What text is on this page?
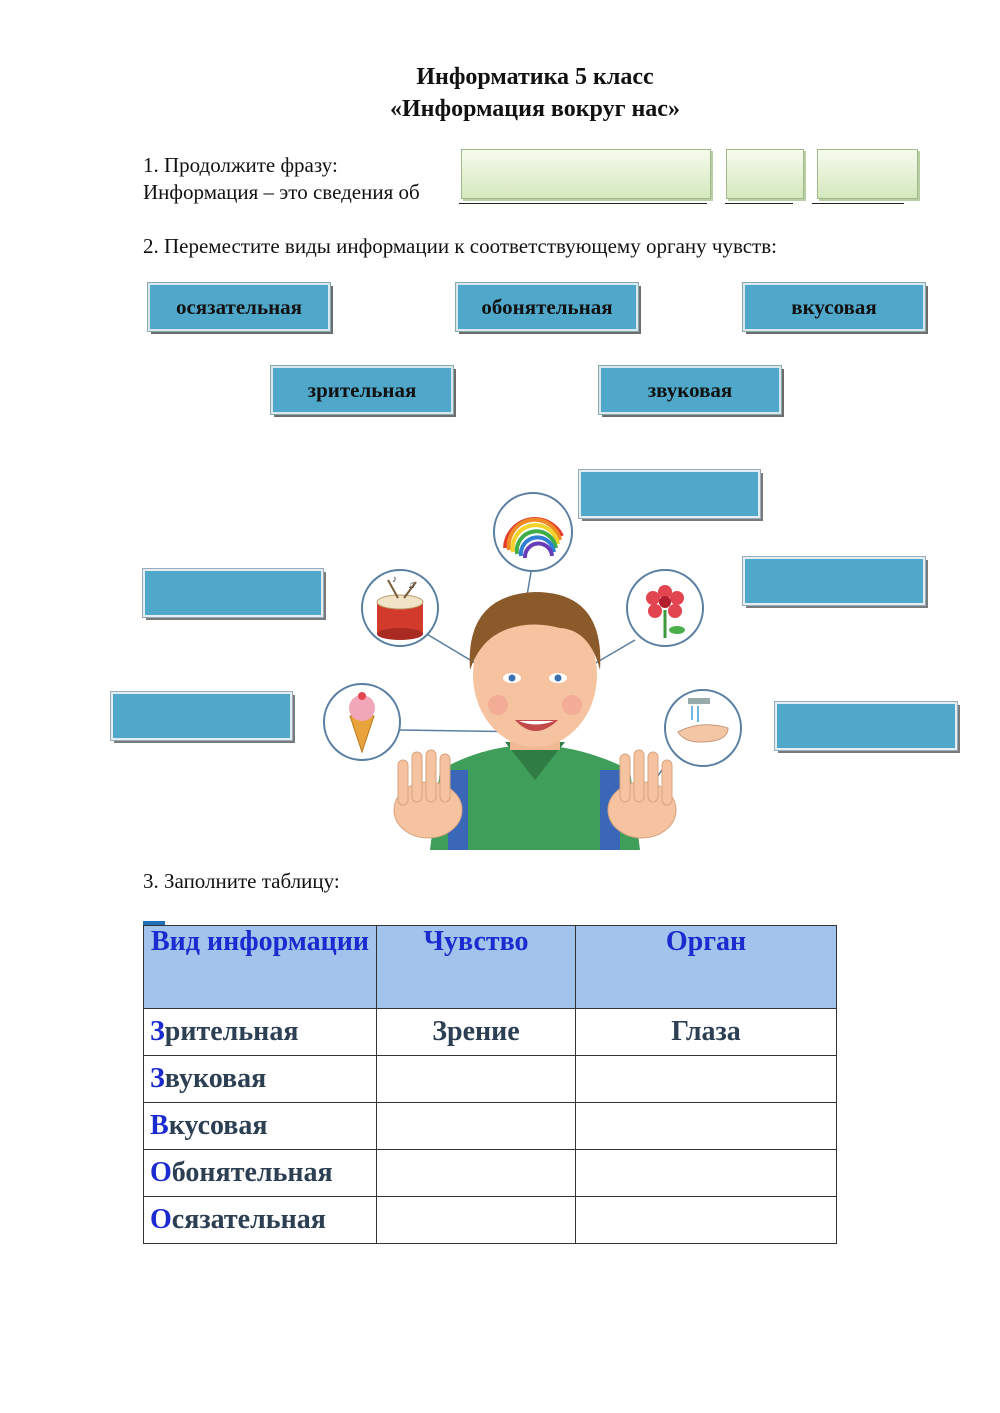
Информатика 5 класс
«Информация вокруг нас»
1. Продолжите фразу:
Информация – это сведения об
2. Переместите виды информации к соответствующему органу чувств:
осязательная	обонятельная	вкусовая
зрительная	звуковая
♪
♫
3. Заполните таблицу:
Вид информации	Чувство	Орган
Зрительная	Зрение	Глаза
Звуковая		
Вкусовая		
Обонятельная		
Осязательная		
